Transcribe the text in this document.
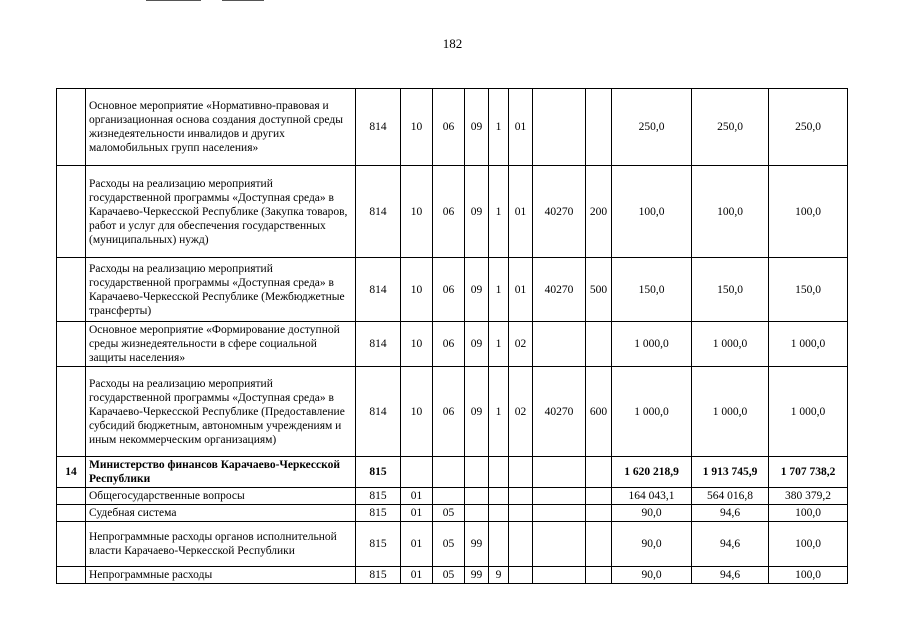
182
	Основное мероприятие «Нормативно-правовая и организационная основа создания доступной среды жизнедеятельности инвалидов и других маломобильных групп населения»	814	10	06	09	1	01			250,0	250,0	250,0
	Расходы на реализацию мероприятий государственной программы «Доступная среда» в Карачаево-Черкесской Республике (Закупка товаров, работ и услуг для обеспечения государственных (муниципальных) нужд)	814	10	06	09	1	01	40270	200	100,0	100,0	100,0
	Расходы на реализацию мероприятий государственной программы «Доступная среда» в Карачаево-Черкесской Республике (Межбюджетные трансферты)	814	10	06	09	1	01	40270	500	150,0	150,0	150,0
	Основное мероприятие «Формирование доступной среды жизнедеятельности в сфере социальной защиты населения»	814	10	06	09	1	02			1 000,0	1 000,0	1 000,0
	Расходы на реализацию мероприятий государственной программы «Доступная среда» в Карачаево-Черкесской Республике (Предоставление субсидий бюджетным, автономным учреждениям и иным некоммерческим организациям)	814	10	06	09	1	02	40270	600	1 000,0	1 000,0	1 000,0
14	Министерство финансов Карачаево-Черкесской Республики	815								1 620 218,9	1 913 745,9	1 707 738,2
	Общегосударственные вопросы	815	01							164 043,1	564 016,8	380 379,2
	Судебная система	815	01	05						90,0	94,6	100,0
	Непрограммные расходы органов исполнительной власти Карачаево-Черкесской Республики	815	01	05	99					90,0	94,6	100,0
	Непрограммные расходы	815	01	05	99	9				90,0	94,6	100,0
